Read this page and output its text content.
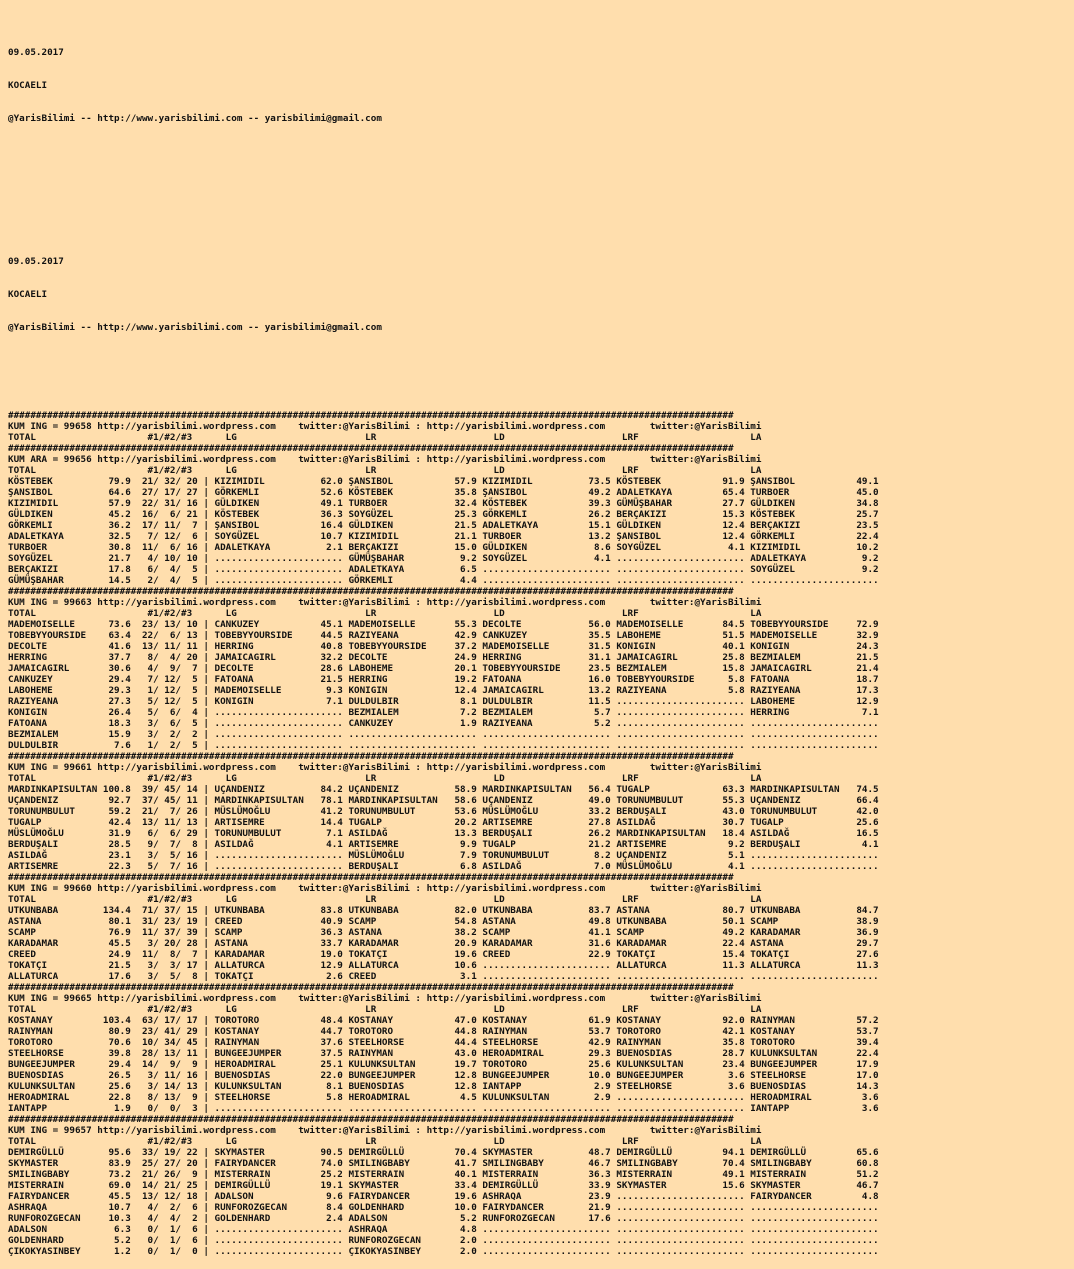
09.05.2017

KOCAELI

@YarisBilimi -- http://www.yarisbilimi.com -- yarisbilimi@gmail.com

09.05.2017

KOCAELI

@YarisBilimi -- http://www.yarisbilimi.com -- yarisbilimi@gmail.com

##################################################################################################################################
KUM ING = 99658 http://yarisbilimi.wordpress.com    twitter:@YarisBilimi : http://yarisbilimi.wordpress.com        twitter:@YarisBilimi
TOTAL                    #1/#2/#3      LG                       LR                     LD                     LRF                    LA
##################################################################################################################################
KUM ARA = 99656 http://yarisbilimi.wordpress.com    twitter:@YarisBilimi : http://yarisbilimi.wordpress.com        twitter:@YarisBilimi
TOTAL                    #1/#2/#3      LG                       LR                     LD                     LRF                    LA
KÖSTEBEK          79.9  21/ 32/ 20 | KIZIMIDIL          62.0 ŞANSIBOL           57.9 KIZIMIDIL          73.5 KÖSTEBEK           91.9 ŞANSIBOL           49.1
ŞANSIBOL          64.6  27/ 17/ 27 | GÖRKEMLI           52.6 KÖSTEBEK           35.8 ŞANSIBOL           49.2 ADALETKAYA         65.4 TURBOER            45.0
KIZIMIDIL         57.9  22/ 31/ 16 | GÜLDIKEN           49.1 TURBOER            32.4 KÖSTEBEK           39.3 GÜMÜŞBAHAR         27.7 GÜLDIKEN           34.8
GÜLDIKEN          45.2  16/  6/ 21 | KÖSTEBEK           36.3 SOYGÜZEL           25.3 GÖRKEMLI           26.2 BERÇAKIZI          15.3 KÖSTEBEK           25.7
GÖRKEMLI          36.2  17/ 11/  7 | ŞANSIBOL           16.4 GÜLDIKEN           21.5 ADALETKAYA         15.1 GÜLDIKEN           12.4 BERÇAKIZI          23.5
ADALETKAYA        32.5   7/ 12/  6 | SOYGÜZEL           10.7 KIZIMIDIL          21.1 TURBOER            13.2 ŞANSIBOL           12.4 GÖRKEMLI           22.4
TURBOER           30.8  11/  6/ 16 | ADALETKAYA          2.1 BERÇAKIZI          15.0 GÜLDIKEN            8.6 SOYGÜZEL            4.1 KIZIMIDIL          10.2
SOYGÜZEL          21.7   4/ 10/ 10 | ....................... GÜMÜŞBAHAR          9.2 SOYGÜZEL            4.1 ....................... ADALETKAYA          9.2
BERÇAKIZI         17.8   6/  4/  5 | ....................... ADALETKAYA          6.5 ....................... ....................... SOYGÜZEL            9.2
GÜMÜŞBAHAR        14.5   2/  4/  5 | ....................... GÖRKEMLI            4.4 ....................... ....................... .......................
##################################################################################################################################
KUM ING = 99663 http://yarisbilimi.wordpress.com    twitter:@YarisBilimi : http://yarisbilimi.wordpress.com        twitter:@YarisBilimi
TOTAL                    #1/#2/#3      LG                       LR                     LD                     LRF                    LA
MADEMOISELLE      73.6  23/ 13/ 10 | CANKUZEY           45.1 MADEMOISELLE       55.3 DECOLTE            56.0 MADEMOISELLE       84.5 TOBEBYYOURSIDE     72.9
TOBEBYYOURSIDE    63.4  22/  6/ 13 | TOBEBYYOURSIDE     44.5 RAZIYEANA          42.9 CANKUZEY           35.5 LABOHEME           51.5 MADEMOISELLE       32.9
DECOLTE           41.6  13/ 11/ 11 | HERRING            40.8 TOBEBYYOURSIDE     37.2 MADEMOISELLE       31.5 KONIGIN            40.1 KONIGIN            24.3
HERRING           37.7   8/  4/ 20 | JAMAICAGIRL        32.2 DECOLTE            24.9 HERRING            31.1 JAMAICAGIRL        25.8 BEZMIALEM          21.5
JAMAICAGIRL       30.6   4/  9/  7 | DECOLTE            28.6 LABOHEME           20.1 TOBEBYYOURSIDE     23.5 BEZMIALEM          15.8 JAMAICAGIRL        21.4
CANKUZEY          29.4   7/ 12/  5 | FATOANA            21.5 HERRING            19.2 FATOANA            16.0 TOBEBYYOURSIDE      5.8 FATOANA            18.7
LABOHEME          29.3   1/ 12/  5 | MADEMOISELLE        9.3 KONIGIN            12.4 JAMAICAGIRL        13.2 RAZIYEANA           5.8 RAZIYEANA          17.3
RAZIYEANA         27.3   5/ 12/  5 | KONIGIN             7.1 DULDULBIR           8.1 DULDULBIR          11.5 ....................... LABOHEME           12.9
KONIGIN           26.4   5/  6/  4 | ....................... BEZMIALEM           7.2 BEZMIALEM           5.7 ....................... HERRING             7.1
FATOANA           18.3   3/  6/  5 | ....................... CANKUZEY            1.9 RAZIYEANA           5.2 ....................... .......................
BEZMIALEM         15.9   3/  2/  2 | ....................... ....................... ....................... ....................... .......................
DULDULBIR          7.6   1/  2/  5 | ....................... ....................... ....................... ....................... .......................
##################################################################################################################################
KUM ING = 99661 http://yarisbilimi.wordpress.com    twitter:@YarisBilimi : http://yarisbilimi.wordpress.com        twitter:@YarisBilimi
TOTAL                    #1/#2/#3      LG                       LR                     LD                     LRF                    LA
MARDINKAPISULTAN 100.8  39/ 45/ 14 | UÇANDENIZ          84.2 UÇANDENIZ          58.9 MARDINKAPISULTAN   56.4 TUGALP             63.3 MARDINKAPISULTAN   74.5
UÇANDENIZ         92.7  37/ 45/ 11 | MARDINKAPISULTAN   78.1 MARDINKAPISULTAN   58.6 UÇANDENIZ          49.0 TORUNUMBULUT       55.3 UÇANDENIZ          66.4
TORUNUMBULUT      59.2  21/  7/ 26 | MÜSLÜMOĞLU         41.2 TORUNUMBULUT       53.6 MÜSLÜMOĞLU         33.2 BERDUŞALI          43.0 TORUNUMBULUT       42.0
TUGALP            42.4  13/ 11/ 13 | ARTISEMRE          14.4 TUGALP             20.2 ARTISEMRE          27.8 ASILDAĞ            30.7 TUGALP             25.6
MÜSLÜMOĞLU        31.9   6/  6/ 29 | TORUNUMBULUT        7.1 ASILDAĞ            13.3 BERDUŞALI          26.2 MARDINKAPISULTAN   18.4 ASILDAĞ            16.5
BERDUŞALI         28.5   9/  7/  8 | ASILDAĞ             4.1 ARTISEMRE           9.9 TUGALP             21.2 ARTISEMRE           9.2 BERDUŞALI           4.1
ASILDAĞ           23.1   3/  5/ 16 | ....................... MÜSLÜMOĞLU          7.9 TORUNUMBULUT        8.2 UÇANDENIZ           5.1 .......................
ARTISEMRE         22.3   5/  7/ 16 | ....................... BERDUŞALI           6.8 ASILDAĞ             7.0 MÜSLÜMOĞLU          4.1 .......................
##################################################################################################################################
KUM ING = 99660 http://yarisbilimi.wordpress.com    twitter:@YarisBilimi : http://yarisbilimi.wordpress.com        twitter:@YarisBilimi
TOTAL                    #1/#2/#3      LG                       LR                     LD                     LRF                    LA
UTKUNBABA        134.4  71/ 37/ 15 | UTKUNBABA          83.8 UTKUNBABA          82.0 UTKUNBABA          83.7 ASTANA             80.7 UTKUNBABA          84.7
ASTANA            80.1  31/ 23/ 19 | CREED              40.9 SCAMP              54.8 ASTANA             49.8 UTKUNBABA          50.1 SCAMP              38.9
SCAMP             76.9  11/ 37/ 39 | SCAMP              36.3 ASTANA             38.2 SCAMP              41.1 SCAMP              49.2 KARADAMAR          36.9
KARADAMAR         45.5   3/ 20/ 28 | ASTANA             33.7 KARADAMAR          20.9 KARADAMAR          31.6 KARADAMAR          22.4 ASTANA             29.7
CREED             24.9  11/  8/  7 | KARADAMAR          19.0 TOKATÇI            19.6 CREED              22.9 TOKATÇI            15.4 TOKATÇI            27.6
TOKATÇI           21.5   3/  3/ 17 | ALLATURCA          12.9 ALLATURCA          10.6 ....................... ALLATURCA          11.3 ALLATURCA          11.3
ALLATURCA         17.6   3/  5/  8 | TOKATÇI             2.6 CREED               3.1 ....................... ....................... .......................
##################################################################################################################################
KUM ING = 99665 http://yarisbilimi.wordpress.com    twitter:@YarisBilimi : http://yarisbilimi.wordpress.com        twitter:@YarisBilimi
TOTAL                    #1/#2/#3      LG                       LR                     LD                     LRF                    LA
KOSTANAY         103.4  63/ 17/ 17 | TOROTORO           48.4 KOSTANAY           47.0 KOSTANAY           61.9 KOSTANAY           92.0 RAINYMAN           57.2
RAINYMAN          80.9  23/ 41/ 29 | KOSTANAY           44.7 TOROTORO           44.8 RAINYMAN           53.7 TOROTORO           42.1 KOSTANAY           53.7
TOROTORO          70.6  10/ 34/ 45 | RAINYMAN           37.6 STEELHORSE         44.4 STEELHORSE         42.9 RAINYMAN           35.8 TOROTORO           39.4
STEELHORSE        39.8  28/ 13/ 11 | BUNGEEJUMPER       37.5 RAINYMAN           43.0 HEROADMIRAL        29.3 BUENOSDIAS         28.7 KULUNKSULTAN       22.4
BUNGEEJUMPER      29.4  14/  9/  9 | HEROADMIRAL        25.1 KULUNKSULTAN       19.7 TOROTORO           25.6 KULUNKSULTAN       23.4 BUNGEEJUMPER       17.9
BUENOSDIAS        26.5   3/ 11/ 16 | BUENOSDIAS         22.0 BUNGEEJUMPER       12.8 BUNGEEJUMPER       10.0 BUNGEEJUMPER        3.6 STEELHORSE         17.0
KULUNKSULTAN      25.6   3/ 14/ 13 | KULUNKSULTAN        8.1 BUENOSDIAS         12.8 IANTAPP             2.9 STEELHORSE          3.6 BUENOSDIAS         14.3
HEROADMIRAL       22.8   8/ 13/  9 | STEELHORSE          5.8 HEROADMIRAL         4.5 KULUNKSULTAN        2.9 ....................... HEROADMIRAL         3.6
IANTAPP            1.9   0/  0/  3 | ....................... ....................... ....................... ....................... IANTAPP             3.6
##################################################################################################################################
KUM ING = 99657 http://yarisbilimi.wordpress.com    twitter:@YarisBilimi : http://yarisbilimi.wordpress.com        twitter:@YarisBilimi
TOTAL                    #1/#2/#3      LG                       LR                     LD                     LRF                    LA
DEMIRGÜLLÜ        95.6  33/ 19/ 22 | SKYMASTER          90.5 DEMIRGÜLLÜ         70.4 SKYMASTER          48.7 DEMIRGÜLLÜ         94.1 DEMIRGÜLLÜ         65.6
SKYMASTER         83.9  25/ 27/ 20 | FAIRYDANCER        74.0 SMILINGBABY        41.7 SMILINGBABY        46.7 SMILINGBABY        70.4 SMILINGBABY        60.8
SMILINGBABY       73.2  21/ 26/  9 | MISTERRAIN         25.2 MISTERRAIN         40.1 MISTERRAIN         36.3 MISTERRAIN         49.1 MISTERRAIN         51.2
MISTERRAIN        69.0  14/ 21/ 25 | DEMIRGÜLLÜ         19.1 SKYMASTER          33.4 DEMIRGÜLLÜ         33.9 SKYMASTER          15.6 SKYMASTER          46.7
FAIRYDANCER       45.5  13/ 12/ 18 | ADALSON             9.6 FAIRYDANCER        19.6 ASHRAQA            23.9 ....................... FAIRYDANCER         4.8
ASHRAQA           10.7   4/  2/  6 | RUNFOROZGECAN       8.4 GOLDENHARD         10.0 FAIRYDANCER        21.9 ....................... .......................
RUNFOROZGECAN     10.3   4/  4/  2 | GOLDENHARD          2.4 ADALSON             5.2 RUNFOROZGECAN      17.6 ....................... .......................
ADALSON            6.3   0/  1/  6 | ....................... ASHRAQA             4.8 ....................... ....................... .......................
GOLDENHARD         5.2   0/  1/  6 | ....................... RUNFOROZGECAN       2.0 ....................... ....................... .......................
ÇIKOKYASINBEY      1.2   0/  1/  0 | ....................... ÇIKOKYASINBEY       2.0 ....................... ....................... .......................
